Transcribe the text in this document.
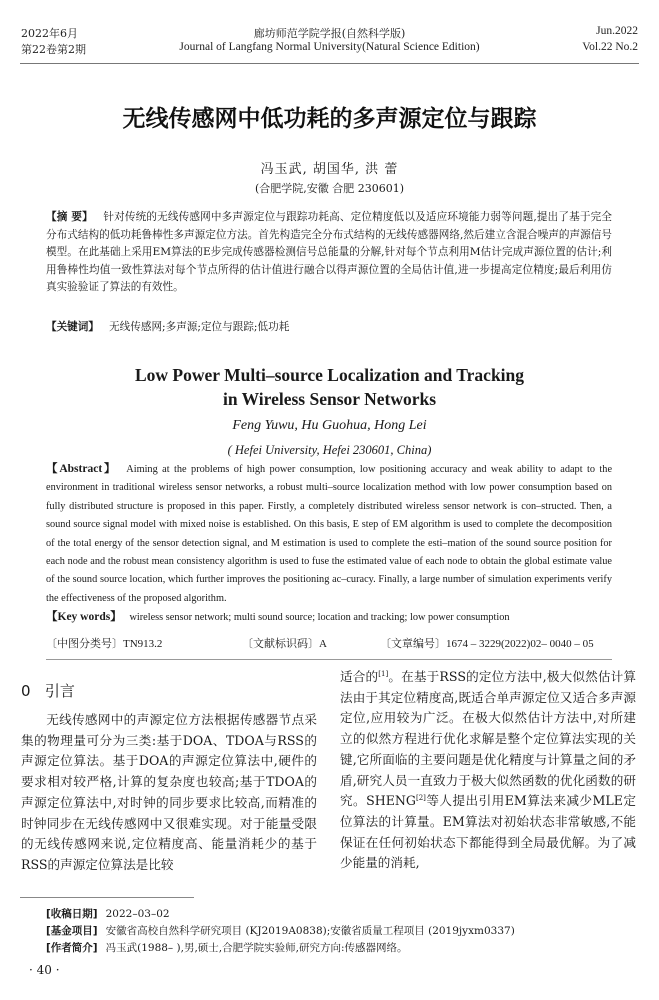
2022年6月
第22卷第2期
廊坊师范学院学报(自然科学版)
Journal of Langfang Normal University(Natural Science Edition)
Jun.2022
Vol.22 No.2
无线传感网中低功耗的多声源定位与跟踪
冯玉武, 胡国华, 洪 蕾
(合肥学院,安徽 合肥 230601)
【摘 要】 针对传统的无线传感网中多声源定位与跟踪功耗高、定位精度低以及适应环境能力弱等问题,提出了基于完全分布式结构的低功耗鲁棒性多声源定位方法。首先构造完全分布式结构的无线传感器网络,然后建立含混合噪声的声源信号模型。在此基础上采用EM算法的E步完成传感器检测信号总能量的分解,针对每个节点利用M估计完成声源位置的估计;利用鲁棒性均值一致性算法对每个节点所得的估计值进行融合以得声源位置的全局估计值,进一步提高定位精度;最后利用仿真实验验证了算法的有效性。
【关键词】 无线传感网;多声源;定位与跟踪;低功耗
Low Power Multi–source Localization and Tracking
in Wireless Sensor Networks
Feng Yuwu, Hu Guohua, Hong Lei
( Hefei University, Hefei 230601, China)
【Abstract】 Aiming at the problems of high power consumption, low positioning accuracy and weak ability to adapt to the environment in traditional wireless sensor networks, a robust multi–source localization method with low power consumption based on fully distributed structure is proposed in this paper. Firstly, a completely distributed wireless sensor network is con–structed. Then, a sound source signal model with mixed noise is established. On this basis, E step of EM algorithm is used to complete the decomposition of the total energy of the sensor detection signal, and M estimation is used to complete the esti–mation of the sound source position for each node and the robust mean consistency algorithm is used to fuse the estimated value of each node to obtain the global estimate value of the sound source location, which further improves the positioning ac–curacy. Finally, a large number of simulation experiments verify the effectiveness of the proposed algorithm.
【Key words】 wireless sensor network; multi sound source; location and tracking; low power consumption
〔中图分类号〕TN913.2	〔文献标识码〕A	〔文章编号〕1674 – 3229(2022)02– 0040 – 05
0 引言

无线传感网中的声源定位方法根据传感器节点采集的物理量可分为三类:基于DOA、TDOA与RSS的声源定位算法。基于DOA的声源定位算法中,硬件的要求相对较严格,计算的复杂度也较高;基于TDOA的声源定位算法中,对时钟的同步要求比较高,而精准的时钟同步在无线传感网中又很难实现。对于能量受限的无线传感网来说,定位精度高、能量消耗少的基于RSS的声源定位算法是比较

适合的[1]。在基于RSS的定位方法中,极大似然估计算法由于其定位精度高,既适合单声源定位又适合多声源定位,应用较为广泛。在极大似然估计方法中,对所建立的似然方程进行优化求解是整个定位算法实现的关键,它所面临的主要问题是优化精度与计算量之间的矛盾,研究人员一直致力于极大似然函数的优化函数的研究。SHENG[2]等人提出引用EM算法来减少MLE定位算法的计算量。EM算法对初始状态非常敏感,不能保证在任何初始状态下都能得到全局最优解。为了减少能量的消耗,

[收稿日期] 2022–03–02
[基金项目] 安徽省高校自然科学研究项目 (KJ2019A0838);安徽省质量工程项目 (2019jyxm0337)
[作者简介] 冯玉武(1988– ),男,硕士,合肥学院实验师,研究方向:传感器网络。
· 40 ·
